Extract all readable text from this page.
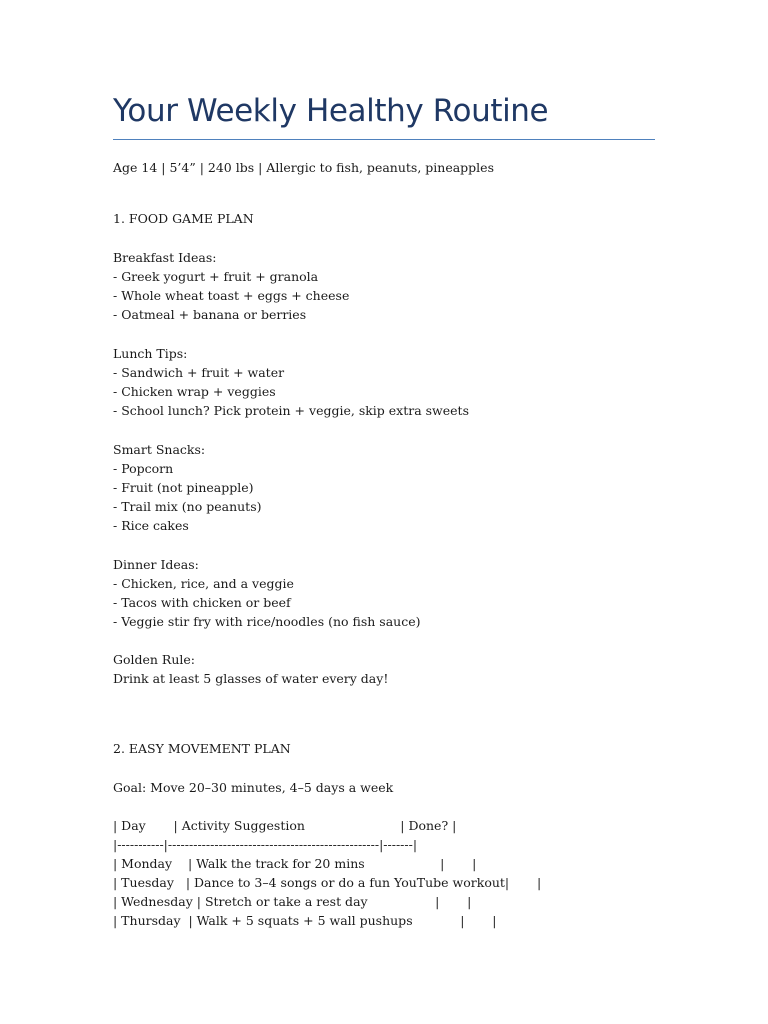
Your Weekly Healthy Routine
Age 14 | 5’4” | 240 lbs | Allergic to fish, peanuts, pineapples
1. FOOD GAME PLAN
Breakfast Ideas:
- Greek yogurt + fruit + granola
- Whole wheat toast + eggs + cheese
- Oatmeal + banana or berries
Lunch Tips:
- Sandwich + fruit + water
- Chicken wrap + veggies
- School lunch? Pick protein + veggie, skip extra sweets
Smart Snacks:
- Popcorn
- Fruit (not pineapple)
- Trail mix (no peanuts)
- Rice cakes
Dinner Ideas:
- Chicken, rice, and a veggie
- Tacos with chicken or beef
- Veggie stir fry with rice/noodles (no fish sauce)
Golden Rule:
Drink at least 5 glasses of water every day!
2. EASY MOVEMENT PLAN
Goal: Move 20–30 minutes, 4–5 days a week
| Day       | Activity Suggestion                        | Done? |
|-----------|--------------------------------------------------|-------|
| Monday    | Walk the track for 20 mins                   |       |
| Tuesday   | Dance to 3–4 songs or do a fun YouTube workout|       |
| Wednesday | Stretch or take a rest day                 |       |
| Thursday  | Walk + 5 squats + 5 wall pushups            |       |
